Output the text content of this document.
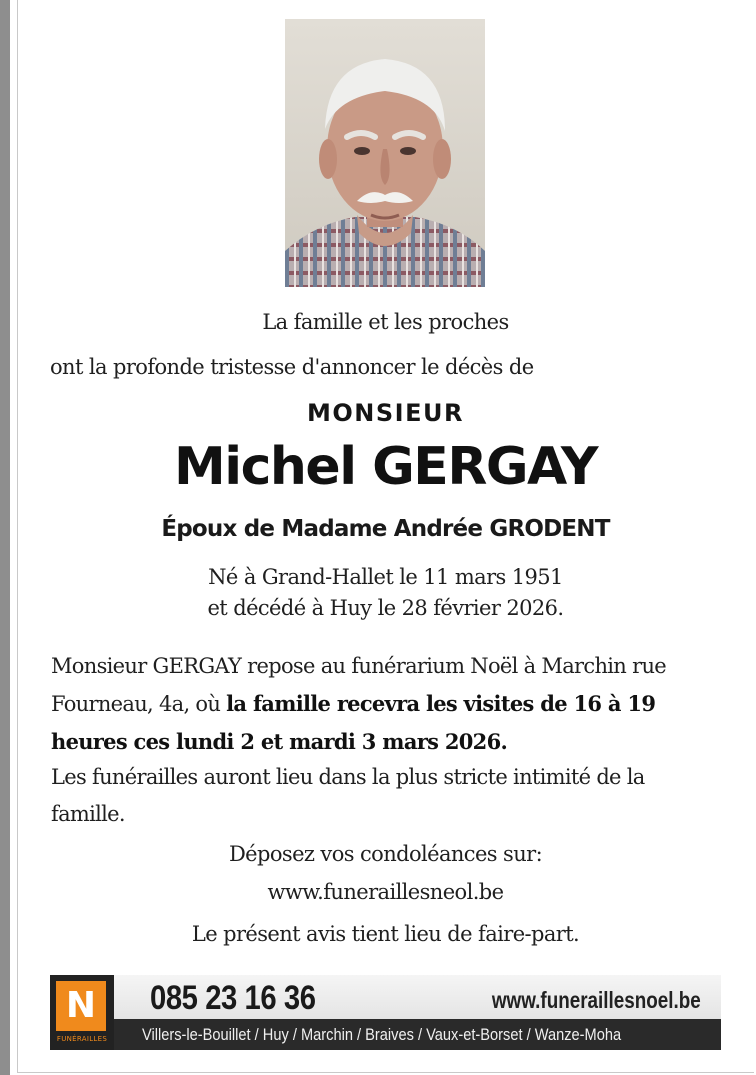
La famille et les proches
ont la profonde tristesse d'annoncer le décès de
MONSIEUR
Michel GERGAY
Époux de Madame Andrée GRODENT
Né à Grand-Hallet le 11 mars 1951
et décédé à Huy le 28 février 2026.
Monsieur GERGAY repose au funérarium Noël à Marchin rue Fourneau, 4a, où la famille recevra les visites de 16 à 19 heures ces lundi 2 et mardi 3 mars 2026.
Les funérailles auront lieu dans la plus stricte intimité de la famille.
Déposez vos condoléances sur:
www.funeraillesneol.be
Le présent avis tient lieu de faire-part.
N
FUNÉRAILLES
085 23 16 36	www.funeraillesnoel.be
Villers-le-Bouillet / Huy / Marchin / Braives / Vaux-et-Borset / Wanze-Moha
